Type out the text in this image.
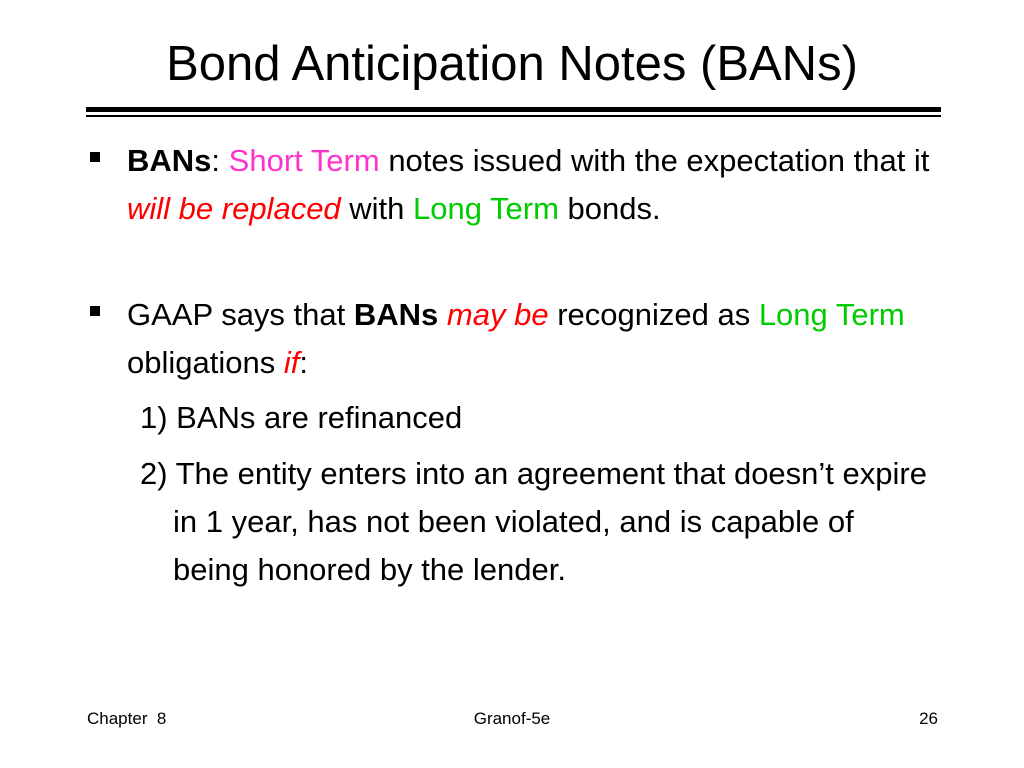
Bond Anticipation Notes (BANs)
BANs: Short Term notes issued with the expectation that it will be replaced with Long Term bonds.
GAAP says that BANs may be recognized as Long Term obligations if:
1) BANs are refinanced
2) The entity enters into an agreement that doesn’t expire in 1 year, has not been violated, and is capable of being honored by the lender.
Chapter  8	Granof-5e	26
